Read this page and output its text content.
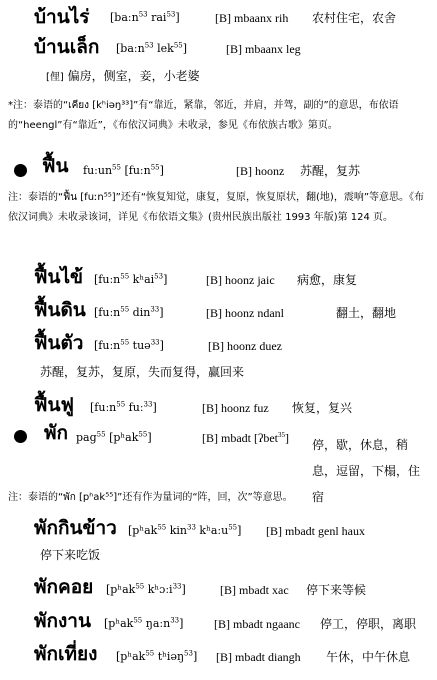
บ้านไร่ [baːn$^{53}$ rai$^{53}$]	[B] mbaanx rih 农村住宅，农舍
บ้านเล็ก [baːn$^{53}$ lek$^{55}$]	[B] mbaanx leg
[俚] 偏房，侧室，妾，小老婆
*注：泰语的“เคียง [kʰiəŋ³³]”有“靠近，紧靠，邻近，并肩，并驾，副的”的意思，布依语的“heengl”有“靠近”，《布依汉词典》未收录，参见《布依族古歌》第页。
ฟื้น fuːun$^{55}$ [fuːn$^{55}$]	[B] hoonz 苏醒，复苏
注：泰语的“ฟื้น [fuːn⁵⁵]”还有“恢复知觉，康复，复原，恢复原状，翻(地)，震响”等意思。《布依汉词典》未收录该词，详见《布依语文集》(贵州民族出版社 1993 年版)第 124 页。
ฟื้นไข้ [fuːn$^{55}$ kʰai$^{53}$]	[B] hoonz jaic 病愈，康复
ฟื้นดิน [fuːn$^{55}$ din$^{33}$]	[B] hoonz ndanl	翻土，翻地
ฟื้นตัว [fuːn$^{55}$ tuə$^{33}$]	[B] hoonz duez
苏醒，复苏，复原，失而复得，赢回来
ฟื้นฟู [fuːn$^{55}$ fuː$^{33}$]	[B] hoonz fuz 恢复，复兴
พัก pag$^{55}$ [pʰak$^{55}$]	[B] mbadt [ʔbet$^{35}$] 停，歇，休息，稍息，逗留，下榻，住宿
注：泰语的“พัก [pʰak⁵⁵]”还有作为量词的“阵，回，次”等意思。
พักกินข้าว [pʰak$^{55}$ kin$^{33}$ kʰaːu$^{55}$] [B] mbadt genl haux
停下来吃饭
พักคอย [pʰak$^{55}$ kʰɔːi$^{33}$]	[B] mbadt xac 停下来等候
พักงาน [pʰak$^{55}$ ŋaːn$^{33}$]	[B] mbadt ngaanc 停工，停职，离职
พักเที่ยง [pʰak$^{55}$ tʰiəŋ$^{53}$] [B] mbadt diangh 午休，中午休息
